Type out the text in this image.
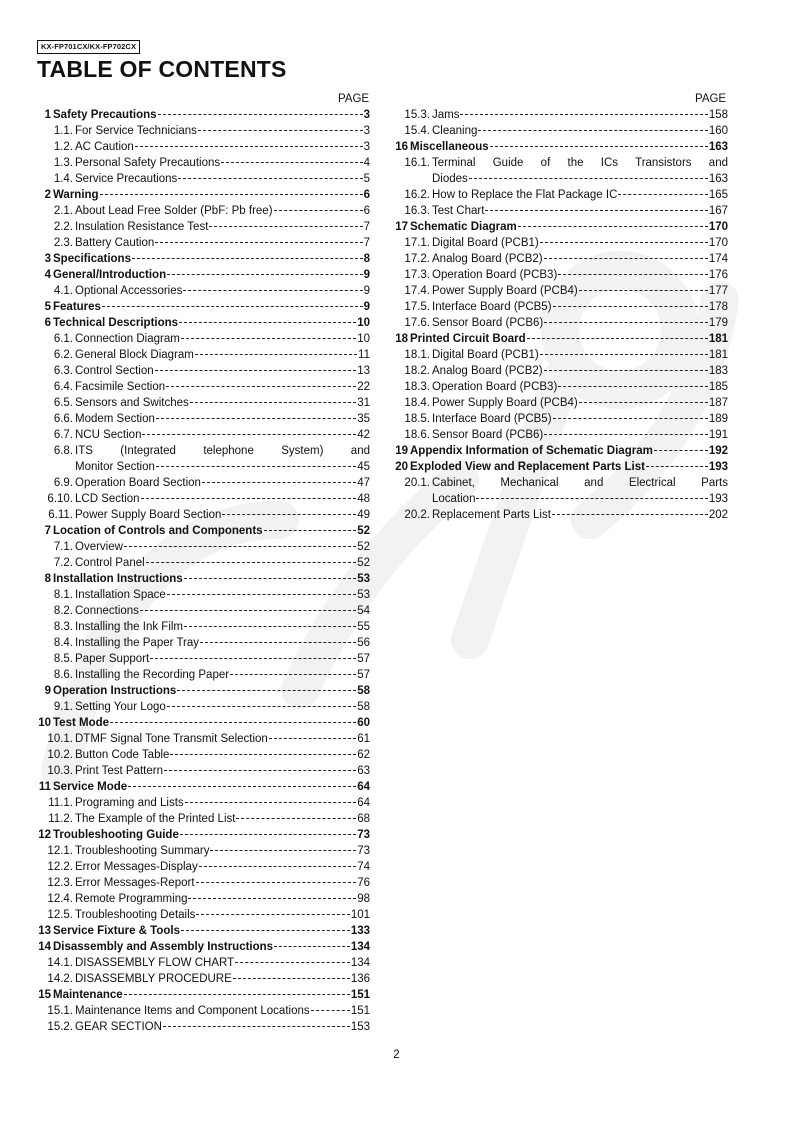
KX-FP701CX/KX-FP702CX
TABLE OF CONTENTS
PAGE	PAGE
1 Safety Precautions	3
1.1. For Service Technicians	3
1.2. AC Caution	3
1.3. Personal Safety Precautions	4
1.4. Service Precautions	5
2 Warning	6
2.1. About Lead Free Solder (PbF: Pb free)	6
2.2. Insulation Resistance Test	7
2.3. Battery Caution	7
3 Specifications	8
4 General/Introduction	9
4.1. Optional Accessories	9
5 Features	9
6 Technical Descriptions	10
6.1. Connection Diagram	10
6.2. General Block Diagram	11
6.3. Control Section	13
6.4. Facsimile Section	22
6.5. Sensors and Switches	31
6.6. Modem Section	35
6.7. NCU Section	42
6.8. ITS (Integrated telephone System) and
Monitor Section	45
6.9. Operation Board Section	47
6.10. LCD Section	48
6.11. Power Supply Board Section	49
7 Location of Controls and Components	52
7.1. Overview	52
7.2. Control Panel	52
8 Installation Instructions	53
8.1. Installation Space	53
8.2. Connections	54
8.3. Installing the Ink Film	55
8.4. Installing the Paper Tray	56
8.5. Paper Support	57
8.6. Installing the Recording Paper	57
9 Operation Instructions	58
9.1. Setting Your Logo	58
10 Test Mode	60
10.1. DTMF Signal Tone Transmit Selection	61
10.2. Button Code Table	62
10.3. Print Test Pattern	63
11 Service Mode	64
11.1. Programing and Lists	64
11.2. The Example of the Printed List	68
12 Troubleshooting Guide	73
12.1. Troubleshooting Summary	73
12.2. Error Messages-Display	74
12.3. Error Messages-Report	76
12.4. Remote Programming	98
12.5. Troubleshooting Details	101
13 Service Fixture & Tools	133
14 Disassembly and Assembly Instructions	134
14.1. DISASSEMBLY FLOW CHART	134
14.2. DISASSEMBLY PROCEDURE	136
15 Maintenance	151
15.1. Maintenance Items and Component Locations	151
15.2. GEAR SECTION	153
15.3. Jams	158
15.4. Cleaning	160
16 Miscellaneous	163
16.1. Terminal Guide of the ICs Transistors and
Diodes	163
16.2. How to Replace the Flat Package IC	165
16.3. Test Chart	167
17 Schematic Diagram	170
17.1. Digital Board (PCB1)	170
17.2. Analog Board (PCB2)	174
17.3. Operation Board (PCB3)	176
17.4. Power Supply Board (PCB4)	177
17.5. Interface Board (PCB5)	178
17.6. Sensor Board (PCB6)	179
18 Printed Circuit Board	181
18.1. Digital Board (PCB1)	181
18.2. Analog Board (PCB2)	183
18.3. Operation Board (PCB3)	185
18.4. Power Supply Board (PCB4)	187
18.5. Interface Board (PCB5)	189
18.6. Sensor Board (PCB6)	191
19 Appendix Information of Schematic Diagram	192
20 Exploded View and Replacement Parts List	193
20.1. Cabinet, Mechanical and Electrical Parts
Location	193
20.2. Replacement Parts List	202
2
